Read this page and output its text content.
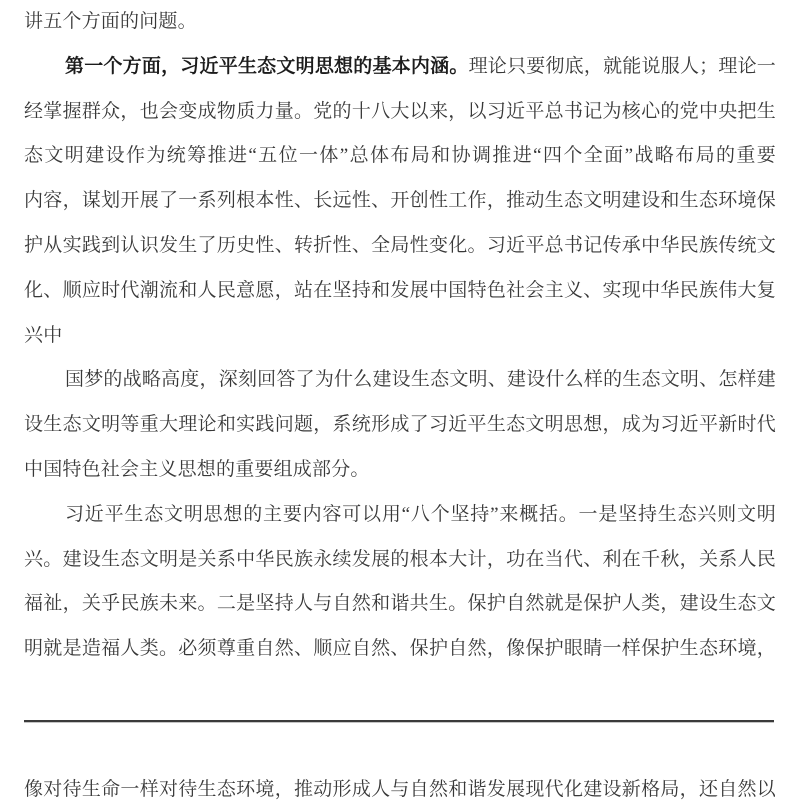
讲五个方面的问题。
第一个方面，习近平生态文明思想的基本内涵。理论只要彻底，就能说服人；理论一
经掌握群众，也会变成物质力量。党的十八大以来，以习近平总书记为核心的党中央把生
态文明建设作为统筹推进“五位一体”总体布局和协调推进“四个全面”战略布局的重要
内容，谋划开展了一系列根本性、长远性、开创性工作，推动生态文明建设和生态环境保
护从实践到认识发生了历史性、转折性、全局性变化。习近平总书记传承中华民族传统文
化、顺应时代潮流和人民意愿，站在坚持和发展中国特色社会主义、实现中华民族伟大复
兴中
国梦的战略高度，深刻回答了为什么建设生态文明、建设什么样的生态文明、怎样建
设生态文明等重大理论和实践问题，系统形成了习近平生态文明思想，成为习近平新时代
中国特色社会主义思想的重要组成部分。
习近平生态文明思想的主要内容可以用“八个坚持”来概括。一是坚持生态兴则文明
兴。建设生态文明是关系中华民族永续发展的根本大计，功在当代、利在千秋，关系人民
福祉，关乎民族未来。二是坚持人与自然和谐共生。保护自然就是保护人类，建设生态文
明就是造福人类。必须尊重自然、顺应自然、保护自然，像保护眼睛一样保护生态环境，
像对待生命一样对待生态环境，推动形成人与自然和谐发展现代化建设新格局，还自然以
